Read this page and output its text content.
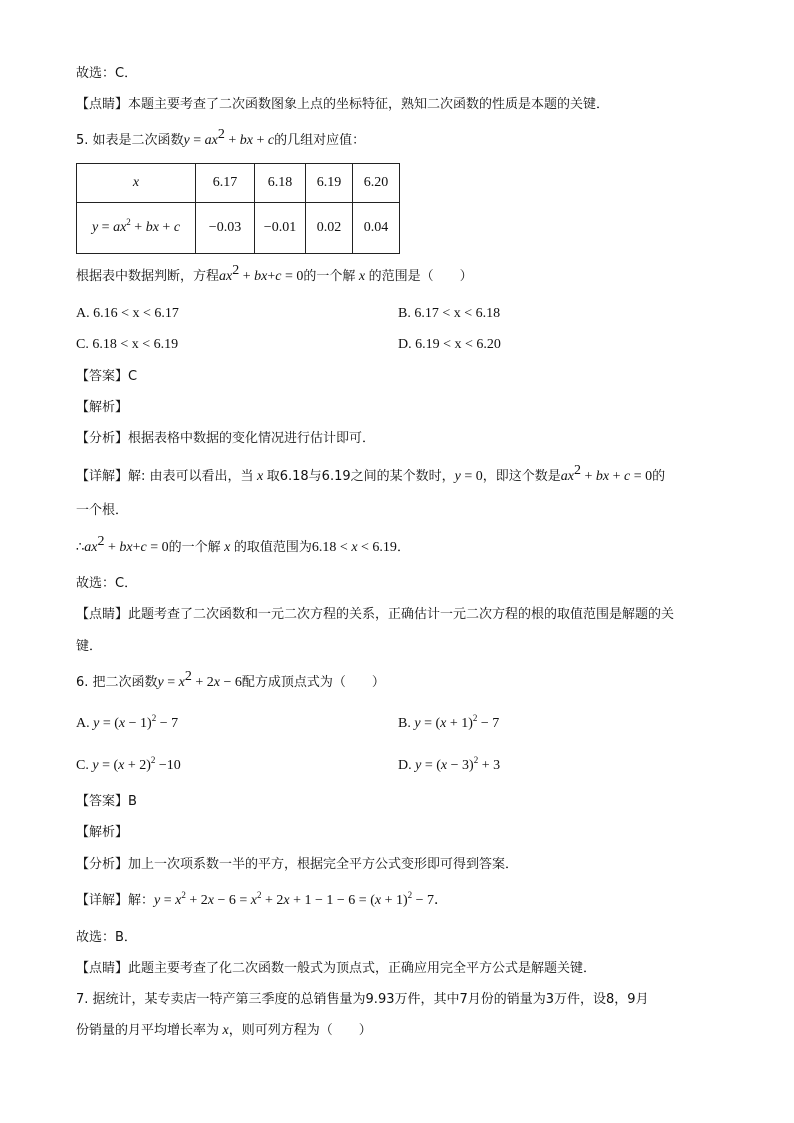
故选：C．
【点睛】本题主要考查了二次函数图象上点的坐标特征，熟知二次函数的性质是本题的关键．
5. 如表是二次函数$y = ax^2$ + bx + c的几组对应值：
x	6.17	6.18	6.19	6.20
$y = ax^2$ + bx + c	−0.03	−0.01	0.02	0.04
根据表中数据判断，方程$ax^2 + bx+c = 0$的一个解 x 的范围是（　　）
A. 6.16 < x < 6.17	B. 6.17 < x < 6.18
C. 6.18 < x < 6.19	D. 6.19 < x < 6.20
【答案】C
【解析】
【分析】根据表格中数据的变化情况进行估计即可．
【详解】解: 由表可以看出，当 x 取6.18与6.19之间的某个数时，y = 0，即这个数是$ax^2$ + bx + c = 0的
一个根．
$\therefore ax^2 + bx+c = 0$的一个解 x 的取值范围为6.18 < x < 6.19．
故选：C．
【点睛】此题考查了二次函数和一元二次方程的关系，正确估计一元二次方程的根的取值范围是解题的关
键．
6. 把二次函数$y = x^2 + 2x - 6$配方成顶点式为（　　）
A. $y = (x - 1)^2 - 7$	B. $y = (x + 1)^2 - 7$
C. $y = (x + 2)^2 -10$	D. $y = (x - 3)^2 + 3$
【答案】B
【解析】
【分析】加上一次项系数一半的平方，根据完全平方公式变形即可得到答案．
【详解】解：$y = x^2 + 2x - 6 = x^2 + 2x + 1 - 1 - 6 = (x + 1)^2 - 7$．
故选：B．
【点睛】此题主要考查了化二次函数一般式为顶点式，正确应用完全平方公式是解题关键．
7. 据统计，某专卖店一特产第三季度的总销售量为9.93万件，其中7月份的销量为3万件，设8，9月
份销量的月平均增长率为 x，则可列方程为（　　）
